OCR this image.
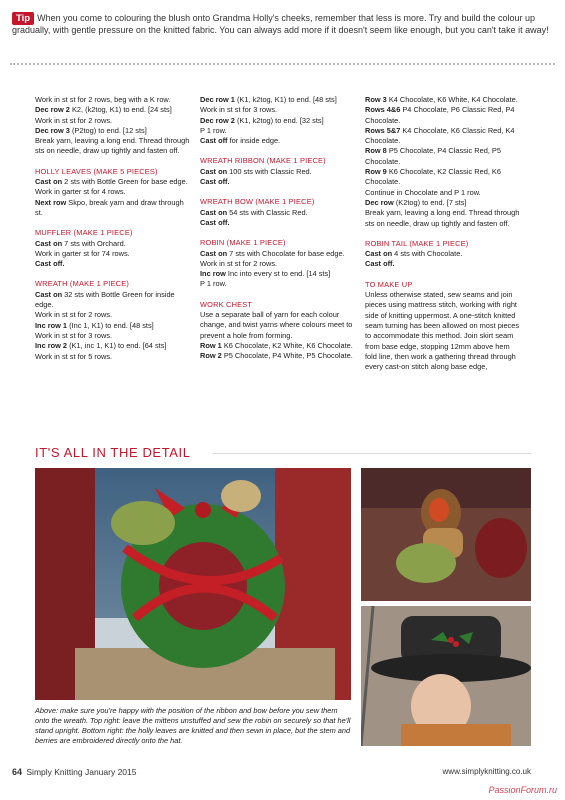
Tip When you come to colouring the blush onto Grandma Holly's cheeks, remember that less is more. Try and build the colour up gradually, with gentle pressure on the knitted fabric. You can always add more if it doesn't seem like enough, but you can't take it away!

Work in st st for 2 rows, beg with a K row.

Dec row 2 K2, (k2tog, K1) to end. [24 sts]

Work in st st for 2 rows.

Dec row 3 (P2tog) to end. [12 sts]

Break yarn, leaving a long end. Thread through sts on needle, draw up tightly and fasten off.

HOLLY LEAVES (MAKE 5 PIECES)

Cast on 2 sts with Bottle Green for base edge.

Work in garter st for 4 rows.

Next row Skpo, break yarn and draw through st.

MUFFLER (MAKE 1 PIECE)

Cast on 7 sts with Orchard.

Work in garter st for 74 rows.

Cast off.

WREATH (MAKE 1 PIECE)

Cast on 32 sts with Bottle Green for inside edge.

Work in st st for 2 rows.

Inc row 1 (Inc 1, K1) to end. [48 sts]

Work in st st for 3 rows.

Inc row 2 (K1, inc 1, K1) to end. [64 sts]

Work in st st for 5 rows.

Dec row 1 (K1, k2tog, K1) to end. [48 sts]

Work in st st for 3 rows.

Dec row 2 (K1, k2tog) to end. [32 sts]

P 1 row.

Cast off for inside edge.

WREATH RIBBON (MAKE 1 PIECE)

Cast on 100 sts with Classic Red.

Cast off.

WREATH BOW (MAKE 1 PIECE)

Cast on 54 sts with Classic Red.

Cast off.

ROBIN (MAKE 1 PIECE)

Cast on 7 sts with Chocolate for base edge.

Work in st st for 2 rows.

Inc row Inc into every st to end. [14 sts]

P 1 row.

WORK CHEST

Use a separate ball of yarn for each colour change, and twist yarns where colours meet to prevent a hole from forming.

Row 1 K6 Chocolate, K2 White, K6 Chocolate.

Row 2 P5 Chocolate, P4 White, P5 Chocolate.

Row 3 K4 Chocolate, K6 White, K4 Chocolate.

Rows 4&6 P4 Chocolate, P6 Classic Red, P4 Chocolate.

Rows 5&7 K4 Chocolate, K6 Classic Red, K4 Chocolate.

Row 8 P5 Chocolate, P4 Classic Red, P5 Chocolate.

Row 9 K6 Chocolate, K2 Classic Red, K6 Chocolate.

Continue in Chocolate and P 1 row.

Dec row (K2tog) to end. [7 sts]

Break yarn, leaving a long end. Thread through sts on needle, draw up tightly and fasten off.

ROBIN TAIL (MAKE 1 PIECE)

Cast on 4 sts with Chocolate.

Cast off.

TO MAKE UP

Unless otherwise stated, sew seams and join pieces using mattress stitch, working with right side of knitting uppermost. A one-stitch knitted seam turning has been allowed on most pieces to accommodate this method. Join skirt seam from base edge, stopping 12mm above hem fold line, then work a gathering thread through every cast-on stitch along base edge,

IT'S ALL IN THE DETAIL
Above: make sure you're happy with the position of the ribbon and bow before you sew them onto the wreath. Top right: leave the mittens unstuffed and sew the robin on securely so that he'll stand upright. Bottom right: the holly leaves are knitted and then sewn in place, but the stem and berries are embroidered directly onto the hat.
64 Simply Knitting January 2015	www.simplyknitting.co.uk
PassionForum.ru
